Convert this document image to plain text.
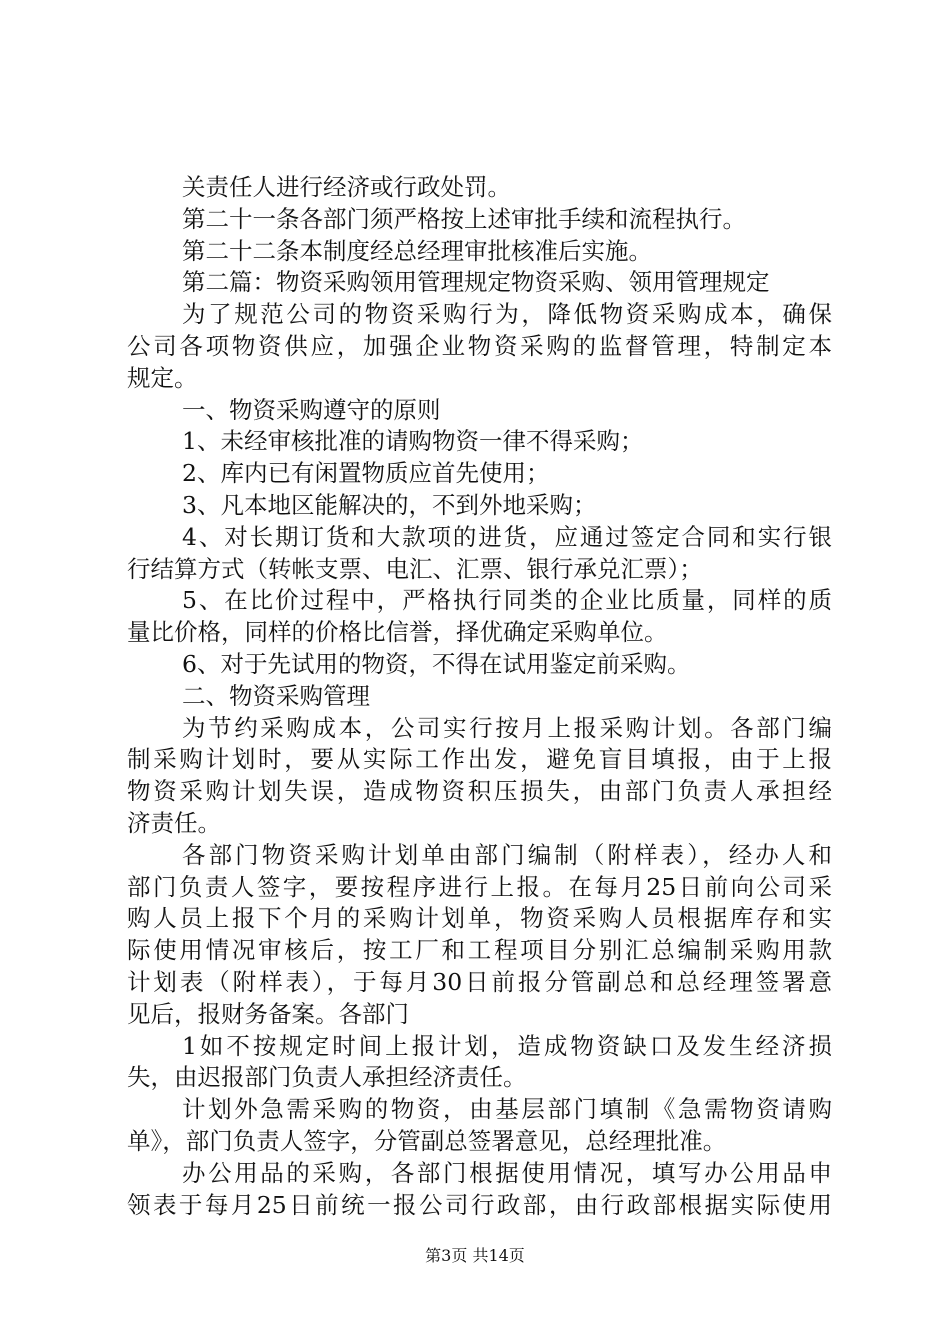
关责任人进行经济或行政处罚。
第二十一条各部门须严格按上述审批手续和流程执行。
第二十二条本制度经总经理审批核准后实施。
第二篇：物资采购领用管理规定物资采购、领用管理规定
为了规范公司的物资采购行为，降低物资采购成本，确保
公司各项物资供应，加强企业物资采购的监督管理，特制定本
规定。
一、物资采购遵守的原则
1、未经审核批准的请购物资一律不得采购；
2、库内已有闲置物质应首先使用；
3、凡本地区能解决的，不到外地采购；
4、对长期订货和大款项的进货，应通过签定合同和实行银
行结算方式（转帐支票、电汇、汇票、银行承兑汇票）；
5、在比价过程中，严格执行同类的企业比质量，同样的质
量比价格，同样的价格比信誉，择优确定采购单位。
6、对于先试用的物资，不得在试用鉴定前采购。
二、物资采购管理
为节约采购成本，公司实行按月上报采购计划。各部门编
制采购计划时，要从实际工作出发，避免盲目填报，由于上报
物资采购计划失误，造成物资积压损失，由部门负责人承担经
济责任。
各部门物资采购计划单由部门编制（附样表），经办人和
部门负责人签字，要按程序进行上报。在每月25日前向公司采
购人员上报下个月的采购计划单，物资采购人员根据库存和实
际使用情况审核后，按工厂和工程项目分别汇总编制采购用款
计划表（附样表），于每月30日前报分管副总和总经理签署意
见后，报财务备案。各部门
1如不按规定时间上报计划，造成物资缺口及发生经济损
失，由迟报部门负责人承担经济责任。
计划外急需采购的物资，由基层部门填制《急需物资请购
单》，部门负责人签字，分管副总签署意见，总经理批准。
办公用品的采购，各部门根据使用情况，填写办公用品申
领表于每月25日前统一报公司行政部，由行政部根据实际使用
第3页 共14页
